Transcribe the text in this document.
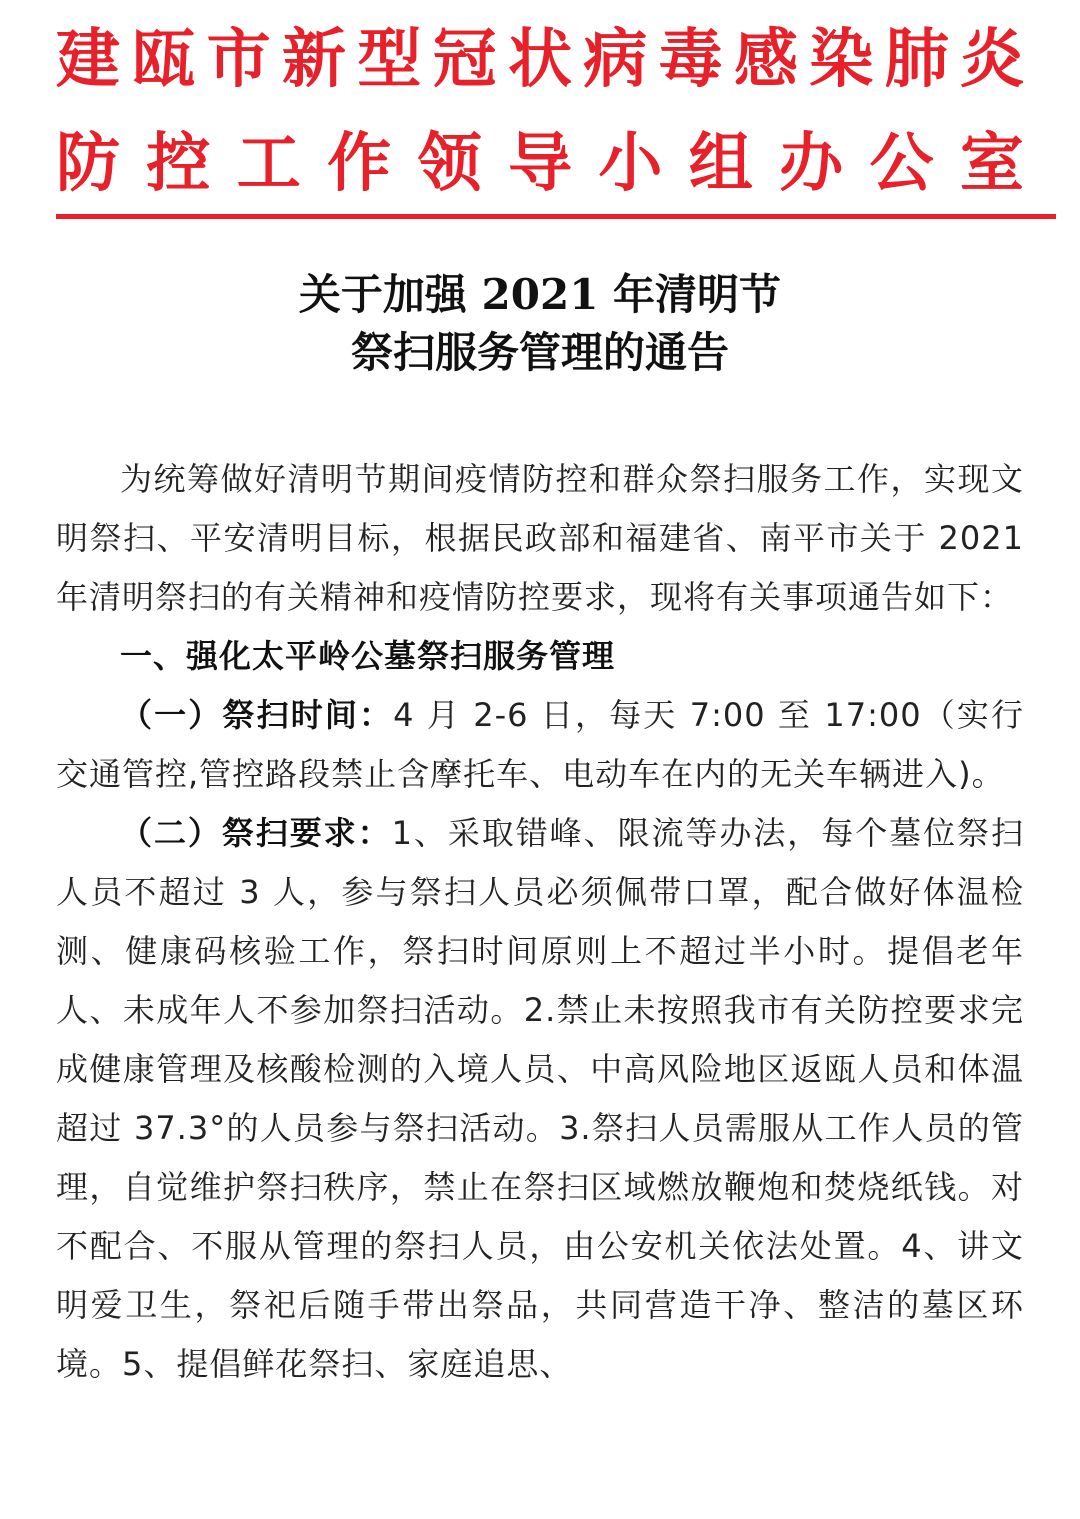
建 瓯 市 新 型 冠 状 病 毒 感 染 肺 炎
防 控 工 作 领 导 小 组 办 公 室
关于加强 2021 年清明节
祭扫服务管理的通告

为统筹做好清明节期间疫情防控和群众祭扫服务工作，实现文明祭扫、平安清明目标，根据民政部和福建省、南平市关于 2021 年清明祭扫的有关精神和疫情防控要求，现将有关事项通告如下：

一、强化太平岭公墓祭扫服务管理

（一）祭扫时间：4 月 2-6 日，每天 7:00 至 17:00（实行交通管控,管控路段禁止含摩托车、电动车在内的无关车辆进入)。

（二）祭扫要求：1、采取错峰、限流等办法，每个墓位祭扫人员不超过 3 人，参与祭扫人员必须佩带口罩，配合做好体温检测、健康码核验工作，祭扫时间原则上不超过半小时。提倡老年人、未成年人不参加祭扫活动。2.禁止未按照我市有关防控要求完成健康管理及核酸检测的入境人员、中高风险地区返瓯人员和体温超过 37.3°的人员参与祭扫活动。3.祭扫人员需服从工作人员的管理，自觉维护祭扫秩序，禁止在祭扫区域燃放鞭炮和焚烧纸钱。对不配合、不服从管理的祭扫人员，由公安机关依法处置。4、讲文明爱卫生，祭祀后随手带出祭品，共同营造干净、整洁的墓区环境。5、提倡鲜花祭扫、家庭追思、
